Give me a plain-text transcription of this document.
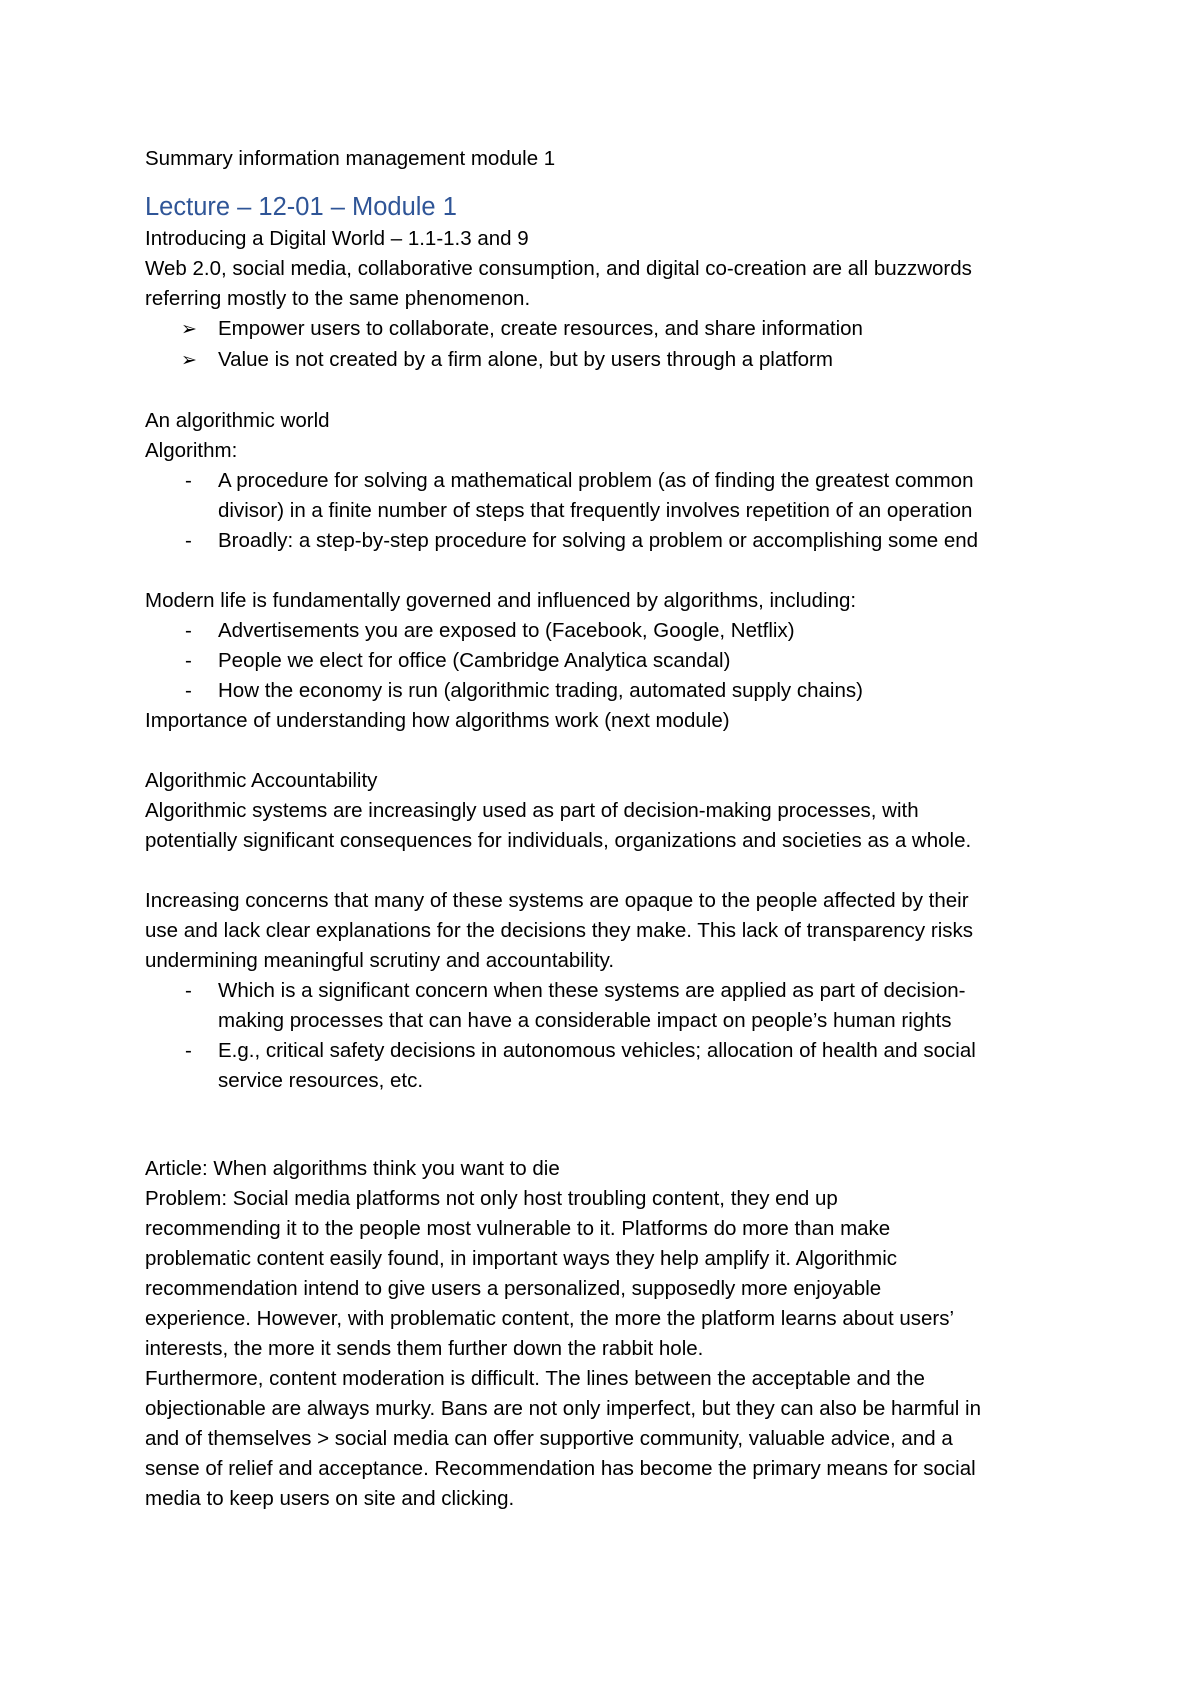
Summary information management module 1

Lecture – 12-01 – Module 1

Introducing a Digital World – 1.1-1.3 and 9

Web 2.0, social media, collaborative consumption, and digital co-creation are all buzzwords

referring mostly to the same phenomenon.

➢	Empower users to collaborate, create resources, and share information
➢	Value is not created by a firm alone, but by users through a platform

An algorithmic world

Algorithm:

-	A procedure for solving a mathematical problem (as of finding the greatest common
divisor) in a finite number of steps that frequently involves repetition of an operation
-	Broadly: a step-by-step procedure for solving a problem or accomplishing some end

Modern life is fundamentally governed and influenced by algorithms, including:

-	Advertisements you are exposed to (Facebook, Google, Netflix)
-	People we elect for office (Cambridge Analytica scandal)
-	How the economy is run (algorithmic trading, automated supply chains)

Importance of understanding how algorithms work (next module)

Algorithmic Accountability

Algorithmic systems are increasingly used as part of decision-making processes, with

potentially significant consequences for individuals, organizations and societies as a whole.

Increasing concerns that many of these systems are opaque to the people affected by their

use and lack clear explanations for the decisions they make. This lack of transparency risks

undermining meaningful scrutiny and accountability.

-	Which is a significant concern when these systems are applied as part of decision-
making processes that can have a considerable impact on people’s human rights
-	E.g., critical safety decisions in autonomous vehicles; allocation of health and social
service resources, etc.

Article: When algorithms think you want to die

Problem: Social media platforms not only host troubling content, they end up

recommending it to the people most vulnerable to it. Platforms do more than make

problematic content easily found, in important ways they help amplify it. Algorithmic

recommendation intend to give users a personalized, supposedly more enjoyable

experience. However, with problematic content, the more the platform learns about users’

interests, the more it sends them further down the rabbit hole.

Furthermore, content moderation is difficult. The lines between the acceptable and the

objectionable are always murky. Bans are not only imperfect, but they can also be harmful in

and of themselves > social media can offer supportive community, valuable advice, and a

sense of relief and acceptance. Recommendation has become the primary means for social

media to keep users on site and clicking.
